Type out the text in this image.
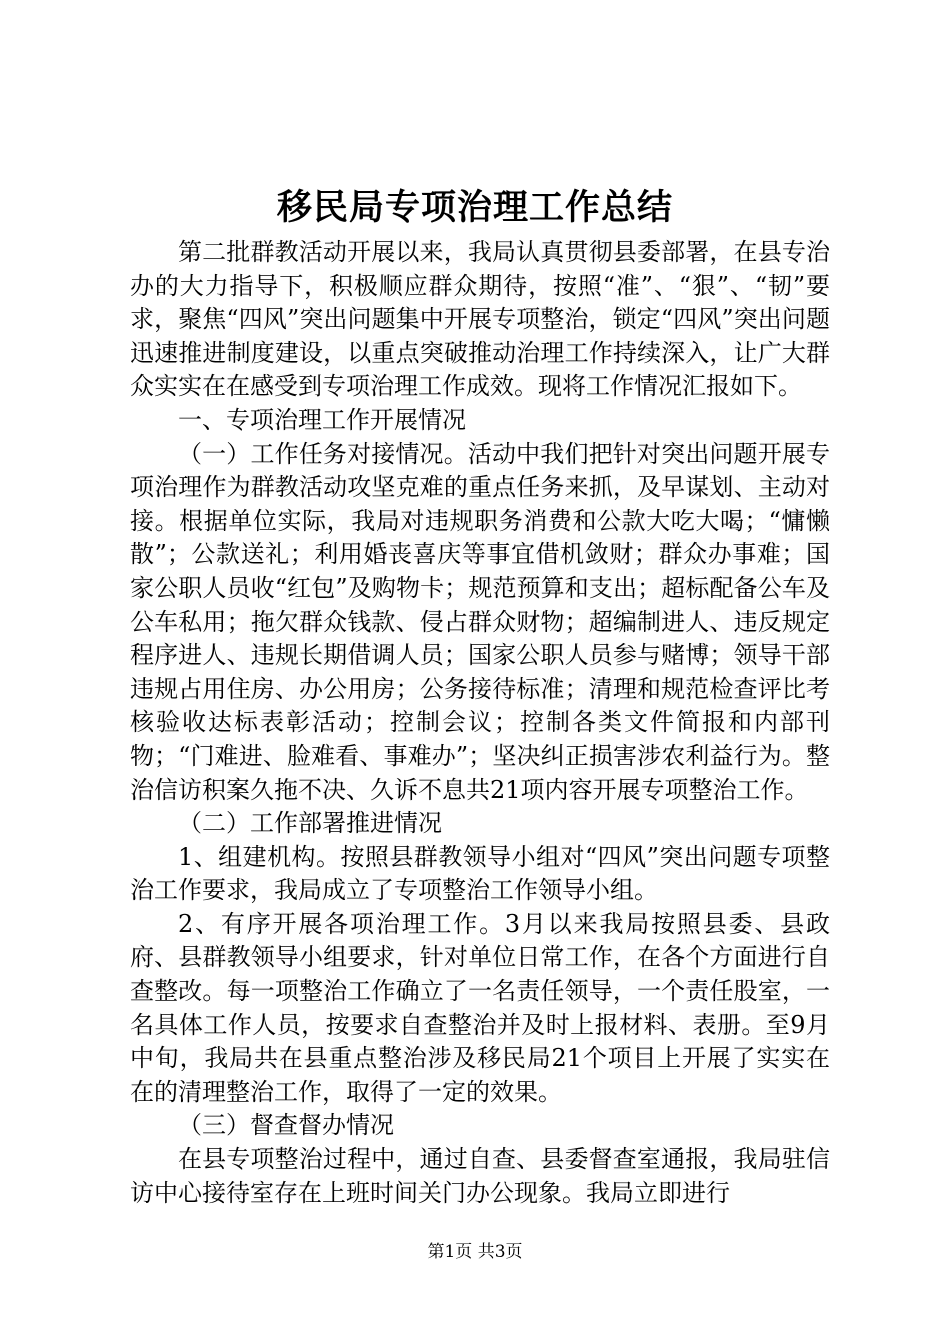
移民局专项治理工作总结

第二批群教活动开展以来，我局认真贯彻县委部署，在县专治办的大力指导下，积极顺应群众期待，按照“准”、“狠”、“韧”要求，聚焦“四风”突出问题集中开展专项整治，锁定“四风”突出问题迅速推进制度建设，以重点突破推动治理工作持续深入，让广大群众实实在在感受到专项治理工作成效。现将工作情况汇报如下。

一、专项治理工作开展情况

（一）工作任务对接情况。活动中我们把针对突出问题开展专项治理作为群教活动攻坚克难的重点任务来抓，及早谋划、主动对接。根据单位实际，我局对违规职务消费和公款大吃大喝；“慵懒散”；公款送礼；利用婚丧喜庆等事宜借机敛财；群众办事难；国家公职人员收“红包”及购物卡；规范预算和支出；超标配备公车及公车私用；拖欠群众钱款、侵占群众财物；超编制进人、违反规定程序进人、违规长期借调人员；国家公职人员参与赌博；领导干部违规占用住房、办公用房；公务接待标准；清理和规范检查评比考核验收达标表彰活动；控制会议；控制各类文件简报和内部刊物；“门难进、脸难看、事难办”；坚决纠正损害涉农利益行为。整治信访积案久拖不决、久诉不息共21项内容开展专项整治工作。

（二）工作部署推进情况

1、组建机构。按照县群教领导小组对“四风”突出问题专项整治工作要求，我局成立了专项整治工作领导小组。

2、有序开展各项治理工作。3月以来我局按照县委、县政府、县群教领导小组要求，针对单位日常工作，在各个方面进行自查整改。每一项整治工作确立了一名责任领导，一个责任股室，一名具体工作人员，按要求自查整治并及时上报材料、表册。至9月中旬，我局共在县重点整治涉及移民局21个项目上开展了实实在在的清理整治工作，取得了一定的效果。

（三）督查督办情况

在县专项整治过程中，通过自查、县委督查室通报，我局驻信访中心接待室存在上班时间关门办公现象。我局立即进行

第1页 共3页
